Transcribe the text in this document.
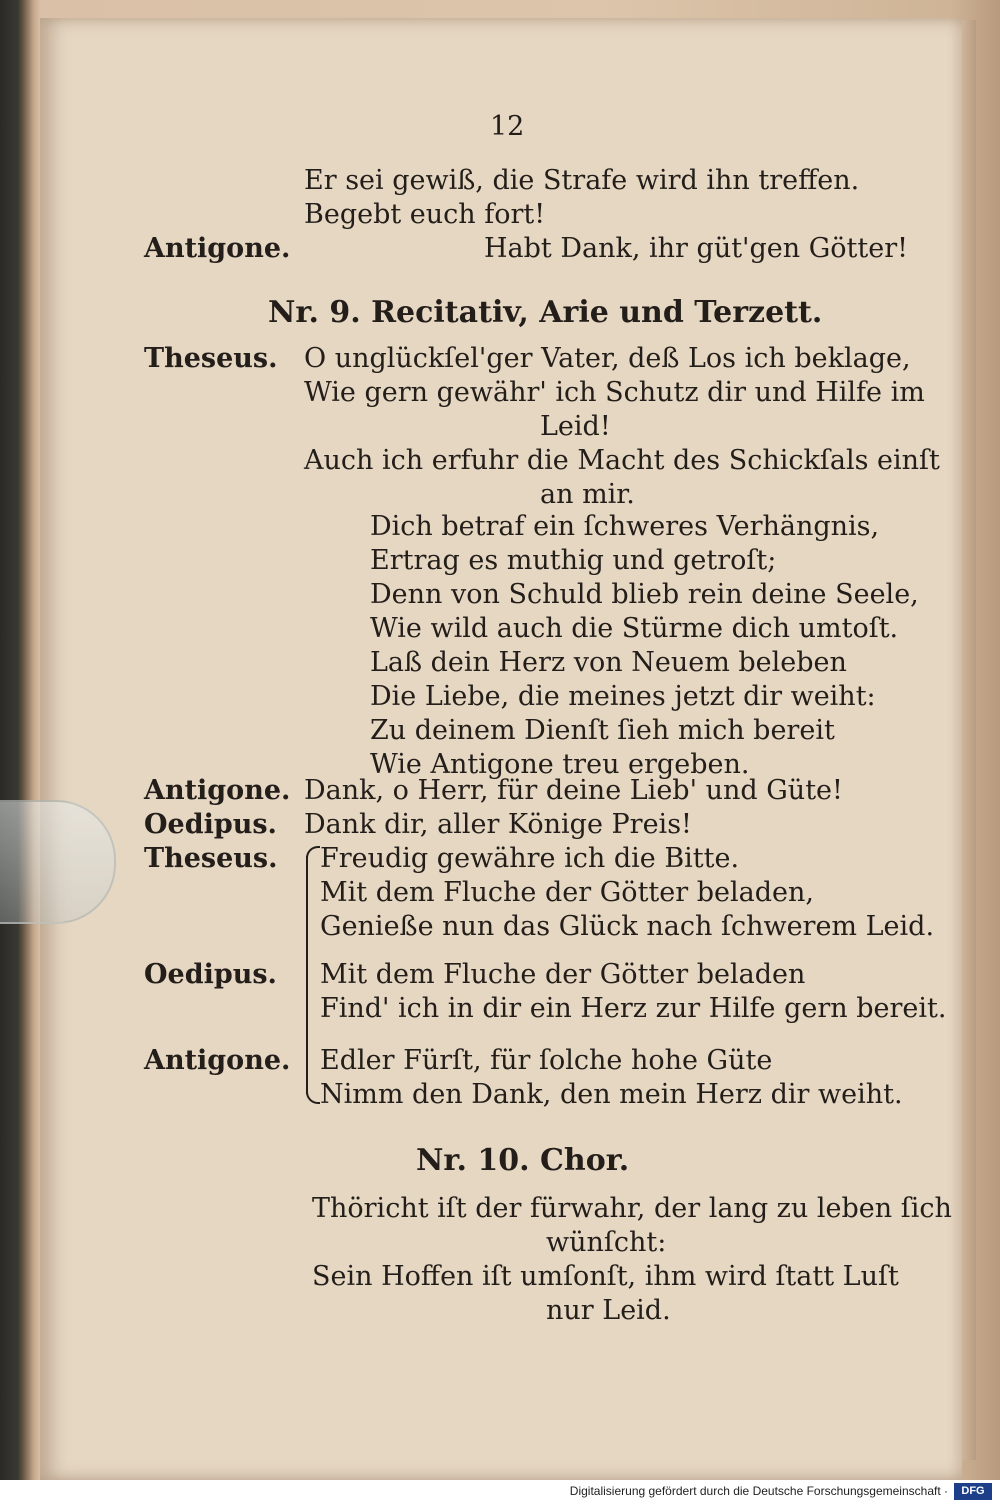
12
Er sei gewiß, die Strafe wird ihn treffen.
Begebt euch fort!
Antigone.	Habt Dank, ihr güt'gen Götter!
Nr. 9. Recitativ, Arie und Terzett.
Theseus. O unglückſel'ger Vater, deß Los ich beklage,
Wie gern gewähr' ich Schutz dir und Hilfe im
Leid!
Auch ich erfuhr die Macht des Schickſals einſt
an mir.
Dich betraf ein ſchweres Verhängnis,
Ertrag es muthig und getroſt;
Denn von Schuld blieb rein deine Seele,
Wie wild auch die Stürme dich umtoſt.
Laß dein Herz von Neuem beleben
Die Liebe, die meines jetzt dir weiht:
Zu deinem Dienſt ſieh mich bereit
Wie Antigone treu ergeben.
Antigone. Dank, o Herr, für deine Lieb' und Güte!
Oedipus. Dank dir, aller Könige Preis!
Theseus. Freudig gewähre ich die Bitte.
Mit dem Fluche der Götter beladen,
Genieße nun das Glück nach ſchwerem Leid.
Oedipus. Mit dem Fluche der Götter beladen
Find' ich in dir ein Herz zur Hilfe gern bereit.
Antigone. Edler Fürſt, für ſolche hohe Güte
Nimm den Dank, den mein Herz dir weiht.
Nr. 10. Chor.
Thöricht iſt der fürwahr, der lang zu leben ſich
wünſcht:
Sein Hoffen iſt umſonſt, ihm wird ſtatt Luſt
nur Leid.
Digitalisierung gefördert durch die Deutsche Forschungsgemeinschaft ·	DFG
